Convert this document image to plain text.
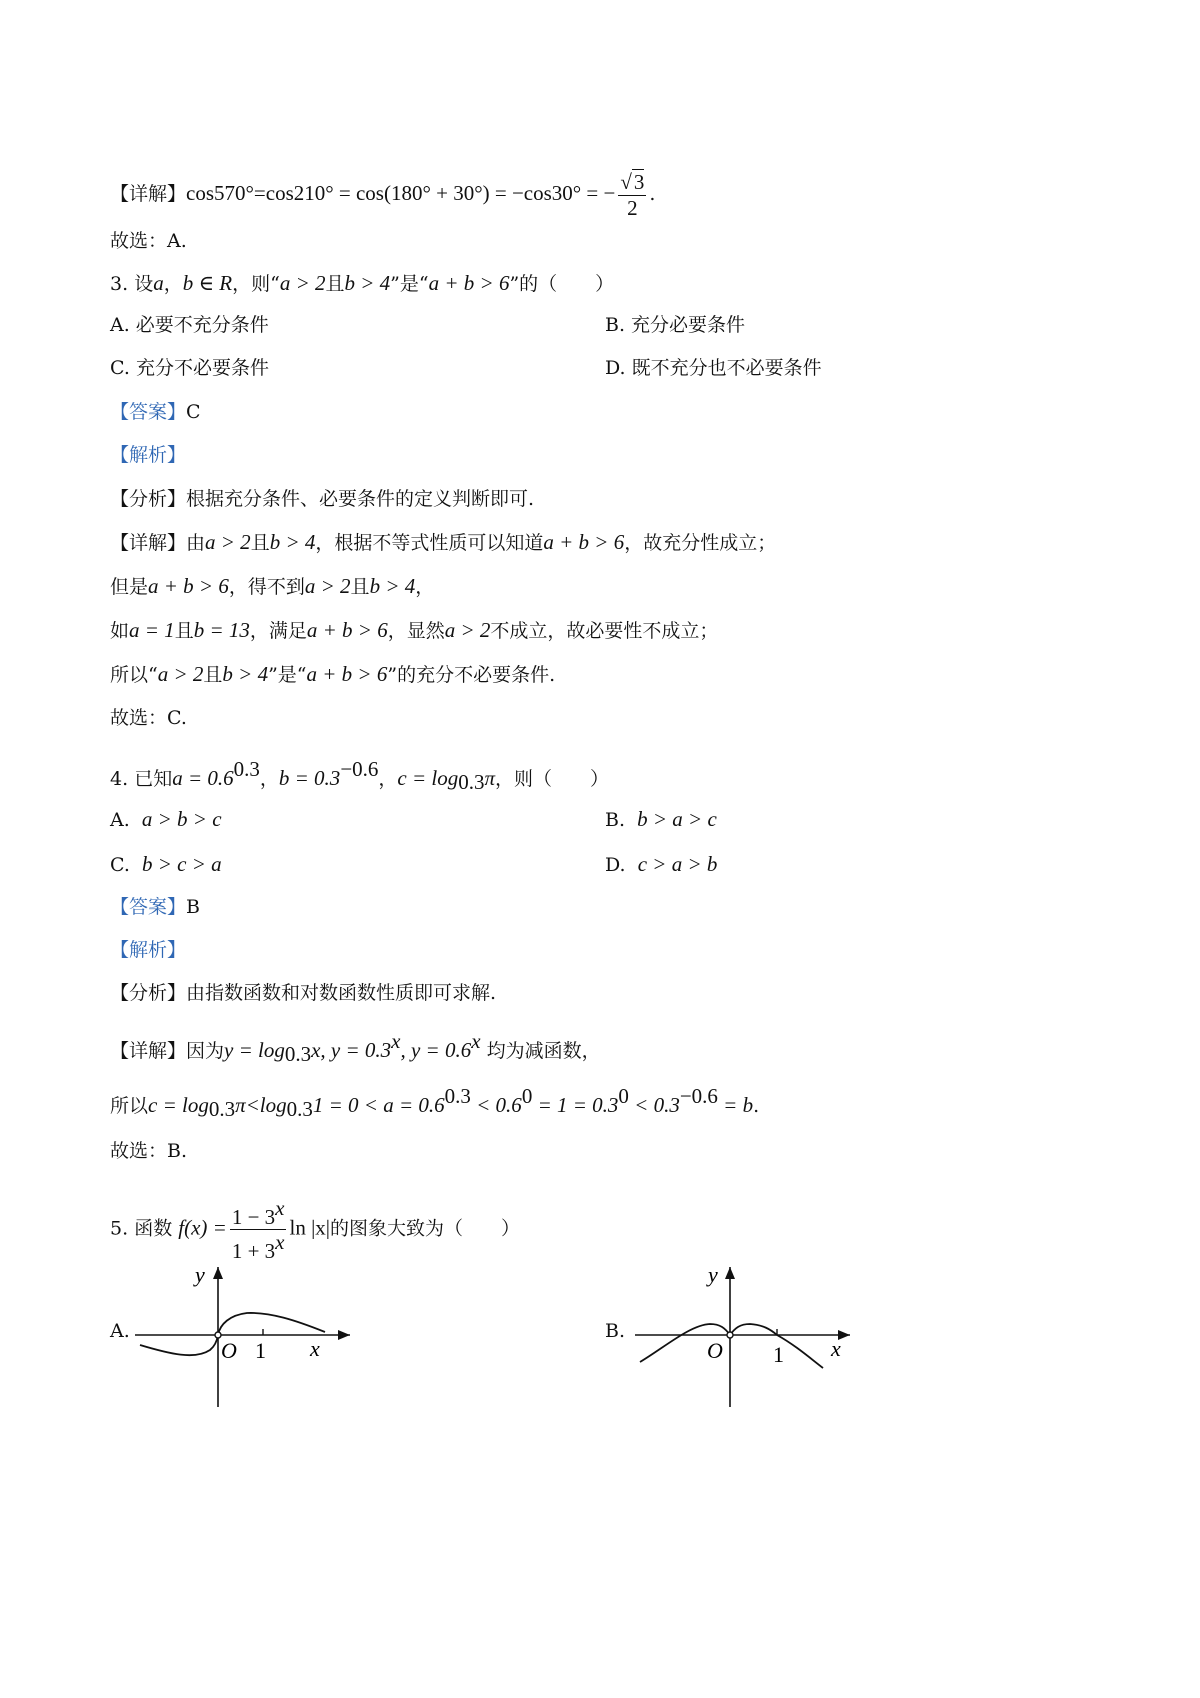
【详解】cos570°=cos210° = cos(180° + 30°) = −cos30° = − $\frac{√3}{2}$ .
故选：A.
3. 设a，b ∈ R，则“a > 2且b > 4”是“a + b > 6”的（　　）
A. 必要不充分条件	B. 充分必要条件
C. 充分不必要条件	D. 既不充分也不必要条件
【答案】C
【解析】
【分析】根据充分条件、必要条件的定义判断即可.
【详解】由a > 2且b > 4，根据不等式性质可以知道a + b > 6，故充分性成立；
但是a + b > 6，得不到a > 2且b > 4，
如a = 1且b = 13，满足a + b > 6，显然a > 2不成立，故必要性不成立；
所以“a > 2且b > 4”是“a + b > 6”的充分不必要条件.
故选：C.
4. 已知$a = 0.6^{0.3}$，$b = 0.3^{-0.6}$，$c = \log_{0.3}\pi$，则（　　）
A. a > b > c	B. b > a > c
C. b > c > a	D. c > a > b
【答案】B
【解析】
【分析】由指数函数和对数函数性质即可求解.
【详解】因为$y = \log_{0.3}x$, $y = 0.3^x$, $y = 0.6^x$ 均为减函数，
所以$c = \log_{0.3}\pi<\log_{0.3}1 = 0 < a = 0.6^{0.3} < 0.6^0 = 1 = 0.3^0 < 0.3^{-0.6} = b$.
故选：B.
5. 函数 $f(x) = \frac{1 - 3^x}{1 + 3^x}$ ln |x|的图象大致为（　　）
A.
y
O 1 x
B.
y
O 1 x
